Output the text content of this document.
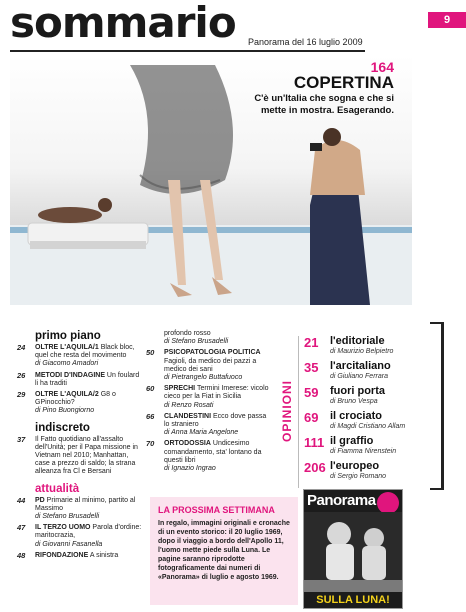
sommario Panorama del 16 luglio 2009
9
164
COPERTINA
C'è un'Italia che sogna e che si mette in mostra. Esagerando.
primo piano
24 OLTRE L'AQUILA/1 Black bloc, quel che resta del movimento
di Giacomo Amadori
26 METODI D'INDAGINE Un foulard li ha traditi
29 OLTRE L'AQUILA/2 G8 o GPinocchio?
di Pino Buongiorno
indiscreto
37 Il Fatto quotidiano all'assalto dell'Unità; per il Papa missione in Vietnam nel 2010; Manhattan, case a prezzo di saldo; la strana alleanza fra Cl e Bersani
attualità
44 PD Primarie al minimo, partito al Massimo
di Stefano Brusadelli
47 IL TERZO UOMO Parola d'ordine: maritocrazia,
di Giovanni Fasanella
48 RIFONDAZIONE A sinistra
profondo rosso
di Stefano Brusadelli
50 PSICOPATOLOGIA POLITICA Fagioli, da medico dei pazzi a medico dei sani
di Pietrangelo Buttafuoco
60 SPRECHI Termini Imerese: vicolo cieco per la Fiat in Sicilia
di Renzo Rosati
66 CLANDESTINI Ecco dove passa lo straniero
di Anna Maria Angelone
70 ORTODOSSIA Undicesimo comandamento, sta' lontano da questi libri
di Ignazio Ingrao
OPINIONI
21 l'editoriale
di Maurizio Belpietro
35 l'arcitaliano
di Giuliano Ferrara
59 fuori porta
di Bruno Vespa
69 il crociato
di Magdi Cristiano Allam
111 il graffio
di Fiamma Nirenstein
206 l'europeo
di Sergio Romano
LA PROSSIMA SETTIMANA
In regalo, immagini originali e cronache di un evento storico: il 20 luglio 1969, dopo il viaggio a bordo dell'Apollo 11, l'uomo mette piede sulla Luna. Le pagine saranno riprodotte fotograficamente dai numeri di «Panorama» di luglio e agosto 1969.
Panorama
SULLA LUNA!
